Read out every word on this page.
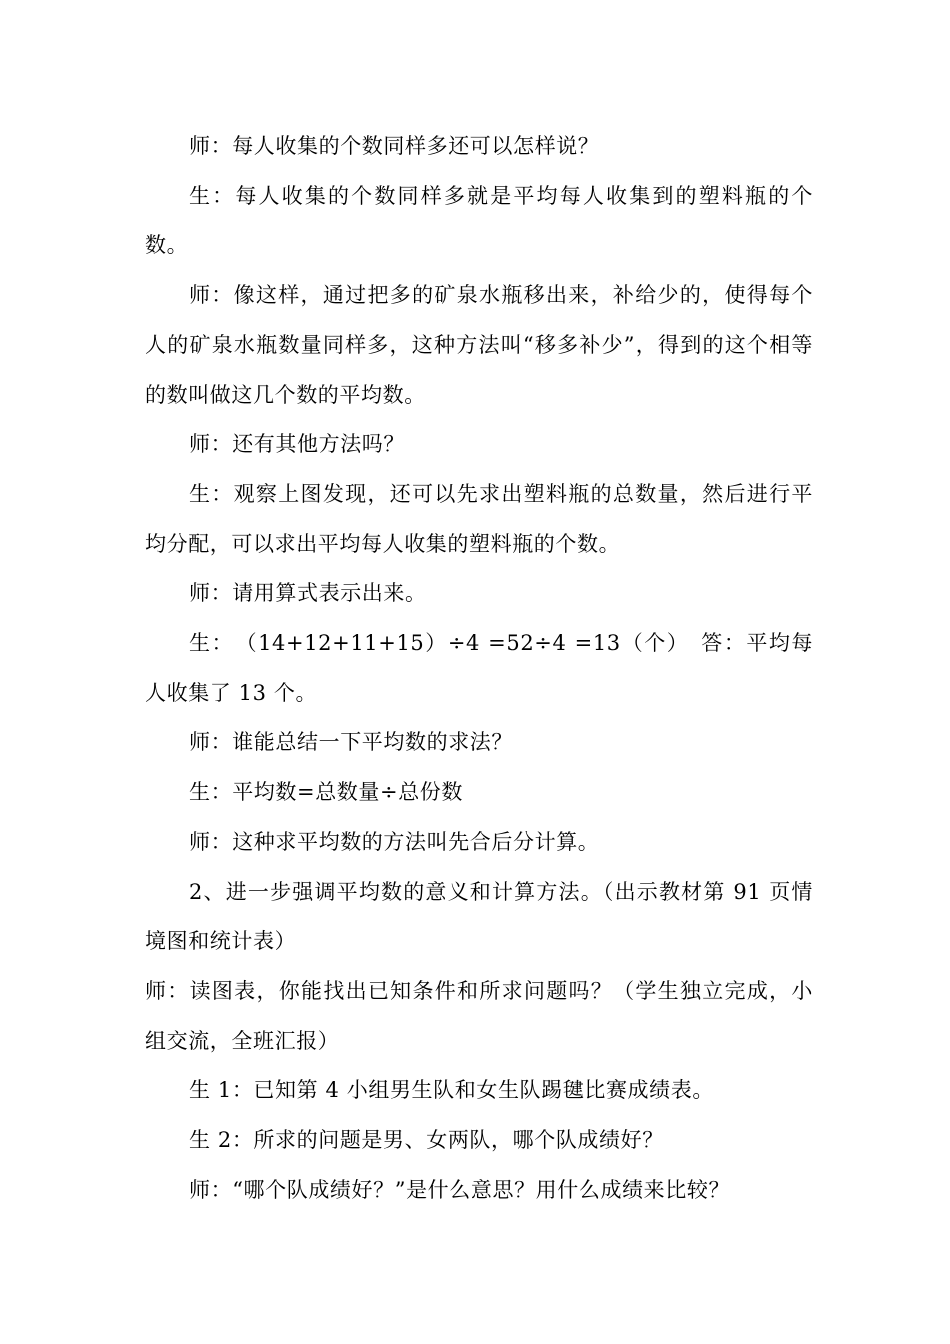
师：每人收集的个数同样多还可以怎样说？

生：每人收集的个数同样多就是平均每人收集到的塑料瓶的个数。

师：像这样，通过把多的矿泉水瓶移出来，补给少的，使得每个人的矿泉水瓶数量同样多，这种方法叫“移多补少”，得到的这个相等的数叫做这几个数的平均数。

师：还有其他方法吗？

生：观察上图发现，还可以先求出塑料瓶的总数量，然后进行平均分配，可以求出平均每人收集的塑料瓶的个数。

师：请用算式表示出来。

生：　（14+12+11+15）÷4 =52÷4 =13（个）　答：平均每人收集了 13 个。

师：谁能总结一下平均数的求法？

生：平均数=总数量÷总份数

师：这种求平均数的方法叫先合后分计算。

2、进一步强调平均数的意义和计算方法。（出示教材第 91 页情境图和统计表）

师：读图表，你能找出已知条件和所求问题吗？（学生独立完成，小组交流，全班汇报）

生 1：已知第 4 小组男生队和女生队踢毽比赛成绩表。

生 2：所求的问题是男、女两队，哪个队成绩好？

师：“哪个队成绩好？”是什么意思？用什么成绩来比较？
